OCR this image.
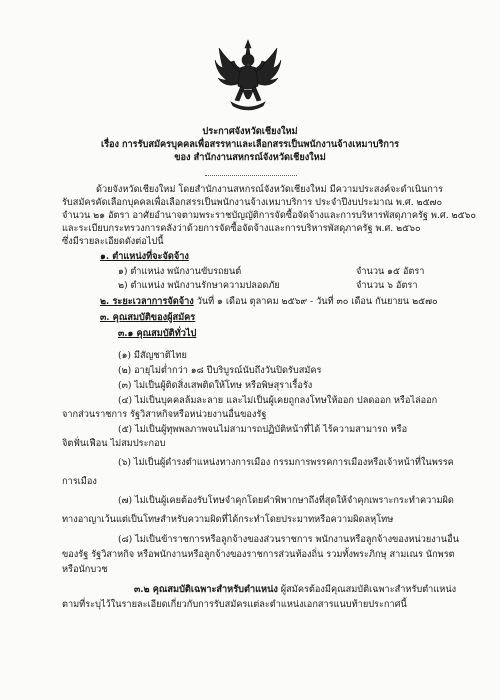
ประกาศจังหวัดเชียงใหม่
เรื่อง การรับสมัครบุคคลเพื่อสรรหาและเลือกสรรเป็นพนักงานจ้างเหมาบริการ
ของ สำนักงานสหกรณ์จังหวัดเชียงใหม่
ด้วยจังหวัดเชียงใหม่ โดยสำนักงานสหกรณ์จังหวัดเชียงใหม่ มีความประสงค์จะดำเนินการ
รับสมัครคัดเลือกบุคคลเพื่อเลือกสรรเป็นพนักงานจ้างเหมาบริการ ประจำปีงบประมาณ พ.ศ. ๒๕๗๐
จำนวน ๒๑ อัตรา อาศัยอำนาจตามพระราชบัญญัติการจัดซื้อจัดจ้างและการบริหารพัสดุภาครัฐ พ.ศ. ๒๕๖๐
และระเบียบกระทรวงการคลังว่าด้วยการจัดซื้อจัดจ้างและการบริหารพัสดุภาครัฐ พ.ศ. ๒๕๖๐
ซึ่งมีรายละเอียดดังต่อไปนี้
๑. ตำแหน่งที่จะจัดจ้าง
๑) ตำแหน่ง พนักงานขับรถยนต์	จำนวน ๑๕ อัตรา
๒) ตำแหน่ง พนักงานรักษาความปลอดภัย	จำนวน ๖ อัตรา
๒. ระยะเวลาการจัดจ้าง วันที่ ๑ เดือน ตุลาคม ๒๕๖๙ - วันที่ ๓๐ เดือน กันยายน ๒๕๗๐
๓. คุณสมบัติของผู้สมัคร
๓.๑ คุณสมบัติทั่วไป
(๑) มีสัญชาติไทย
(๒) อายุไม่ต่ำกว่า ๑๘ ปีบริบูรณ์นับถึงวันปิดรับสมัคร
(๓) ไม่เป็นผู้ติดสิ่งเสพติดให้โทษ หรือพิษสุราเรื้อรัง
(๔) ไม่เป็นบุคคลล้มละลาย และไม่เป็นผู้เคยถูกลงโทษให้ออก ปลดออก หรือไล่ออก
จากส่วนราชการ รัฐวิสาหกิจหรือหน่วยงานอื่นของรัฐ
(๕) ไม่เป็นผู้ทุพพลภาพจนไม่สามารถปฏิบัติหน้าที่ได้ ไร้ความสามารถ หรือ
จิตฟั่นเฟือน ไม่สมประกอบ
(๖) ไม่เป็นผู้ดำรงตำแหน่งทางการเมือง กรรมการพรรคการเมืองหรือเจ้าหน้าที่ในพรรค
การเมือง
(๗) ไม่เป็นผู้เคยต้องรับโทษจำคุกโดยคำพิพากษาถึงที่สุดให้จำคุกเพราะกระทำความผิด
ทางอาญาเว้นแต่เป็นโทษสำหรับความผิดที่ได้กระทำโดยประมาทหรือความผิดลหุโทษ
(๘) ไม่เป็นข้าราชการหรือลูกจ้างของส่วนราชการ พนักงานหรือลูกจ้างของหน่วยงานอื่น
ของรัฐ รัฐวิสาหกิจ หรือพนักงานหรือลูกจ้างของราชการส่วนท้องถิ่น รวมทั้งพระภิกษุ สามเณร นักพรต
หรือนักบวช
๓.๒ คุณสมบัติเฉพาะสำหรับตำแหน่ง ผู้สมัครต้องมีคุณสมบัติเฉพาะสำหรับตำแหน่ง
ตามที่ระบุไว้ในรายละเอียดเกี่ยวกับการรับสมัครแต่ละตำแหน่งเอกสารแนบท้ายประกาศนี้
